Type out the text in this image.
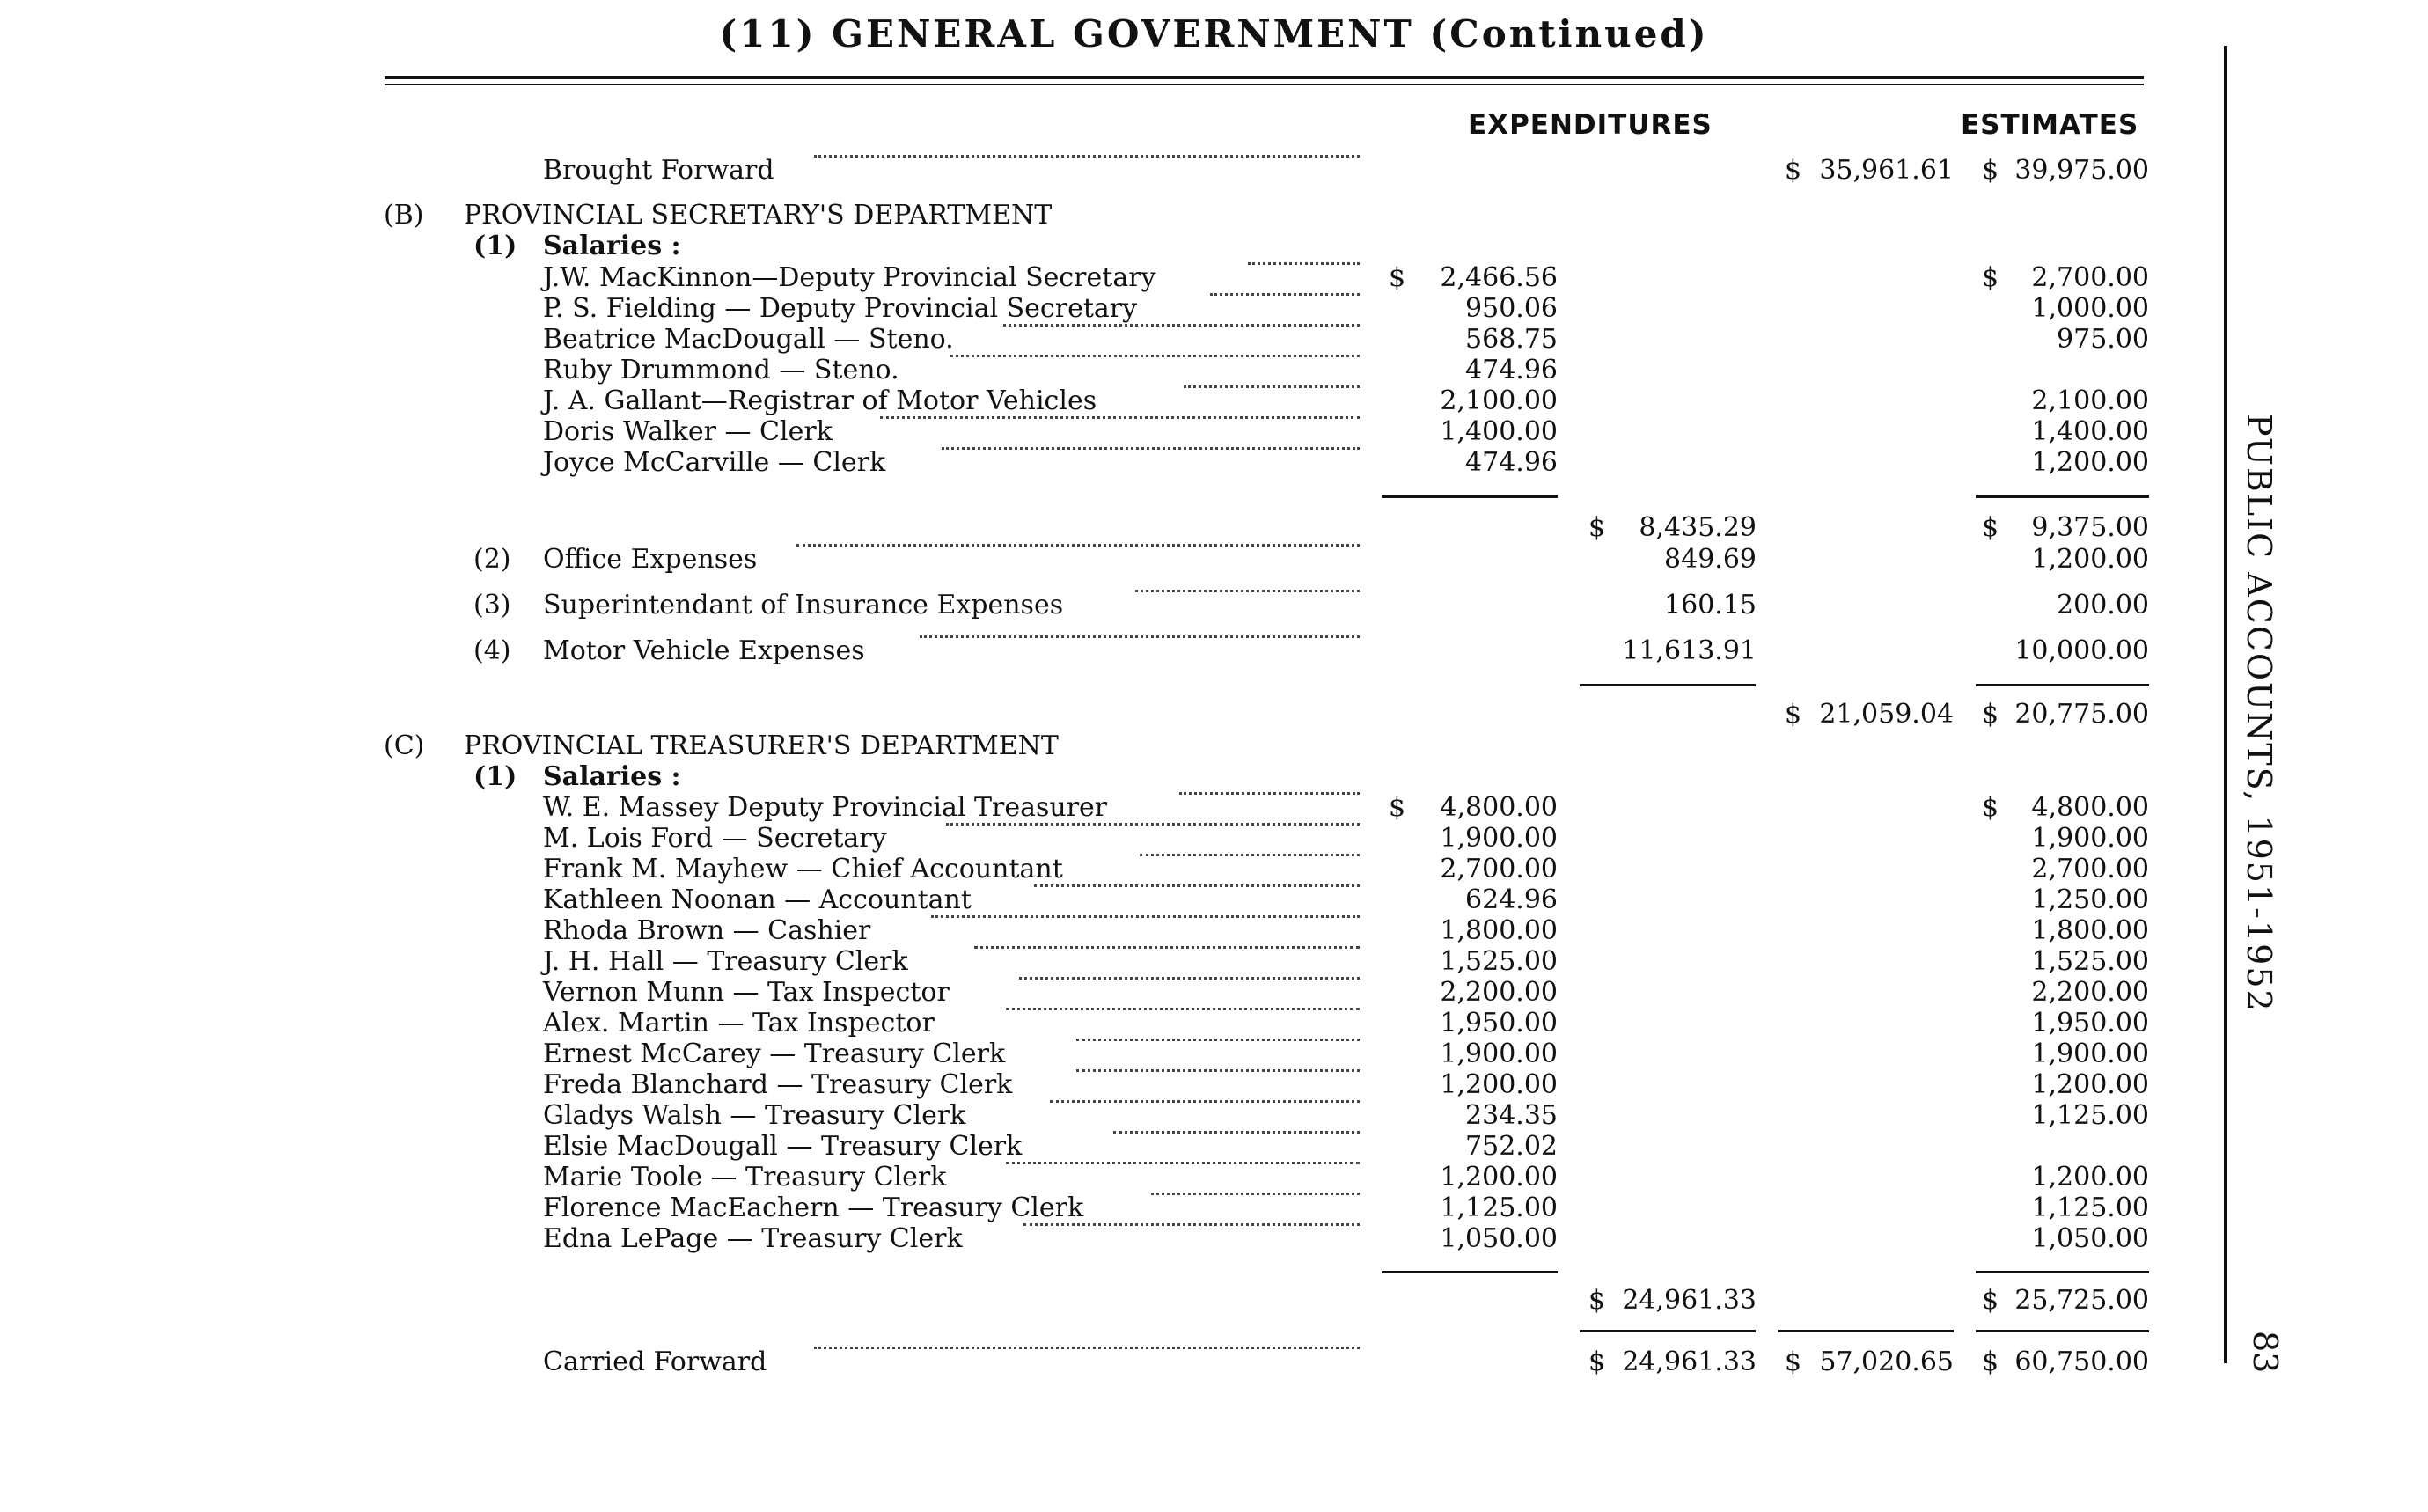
(11) GENERAL GOVERNMENT (Continued)
PUBLIC ACCOUNTS, 1951-1952
83
EXPENDITURES	ESTIMATES
Brought Forward	$ 35,961.61 $ 39,975.00
(B) PROVINCIAL SECRETARY'S DEPARTMENT
(1) Salaries :
J.W. MacKinnon—Deputy Provincial Secretary	$	2,466.56	$	2,700.00
P. S. Fielding — Deputy Provincial Secretary	950.06	1,000.00
Beatrice MacDougall — Steno.	568.75	975.00
Ruby Drummond — Steno.	474.96
J. A. Gallant—Registrar of Motor Vehicles	2,100.00	2,100.00
Doris Walker — Clerk	1,400.00	1,400.00
Joyce McCarville — Clerk	474.96	1,200.00
$	8,435.29	$	9,375.00
(2) Office Expenses	849.69	1,200.00
(3) Superintendant of Insurance Expenses	160.15	200.00
(4) Motor Vehicle Expenses	11,613.91	10,000.00
$ 21,059.04 $ 20,775.00
(C) PROVINCIAL TREASURER'S DEPARTMENT
(1) Salaries :
W. E. Massey Deputy Provincial Treasurer	$	4,800.00	$	4,800.00
M. Lois Ford — Secretary	1,900.00	1,900.00
Frank M. Mayhew — Chief Accountant	2,700.00	2,700.00
Kathleen Noonan — Accountant	624.96	1,250.00
Rhoda Brown — Cashier	1,800.00	1,800.00
J. H. Hall — Treasury Clerk	1,525.00	1,525.00
Vernon Munn — Tax Inspector	2,200.00	2,200.00
Alex. Martin — Tax Inspector	1,950.00	1,950.00
Ernest McCarey — Treasury Clerk	1,900.00	1,900.00
Freda Blanchard — Treasury Clerk	1,200.00	1,200.00
Gladys Walsh — Treasury Clerk	234.35	1,125.00
Elsie MacDougall — Treasury Clerk	752.02
Marie Toole — Treasury Clerk	1,200.00	1,200.00
Florence MacEachern — Treasury Clerk	1,125.00	1,125.00
Edna LePage — Treasury Clerk	1,050.00	1,050.00
$ 24,961.33	$ 25,725.00
Carried Forward	$ 24,961.33 $ 57,020.65 $ 60,750.00
